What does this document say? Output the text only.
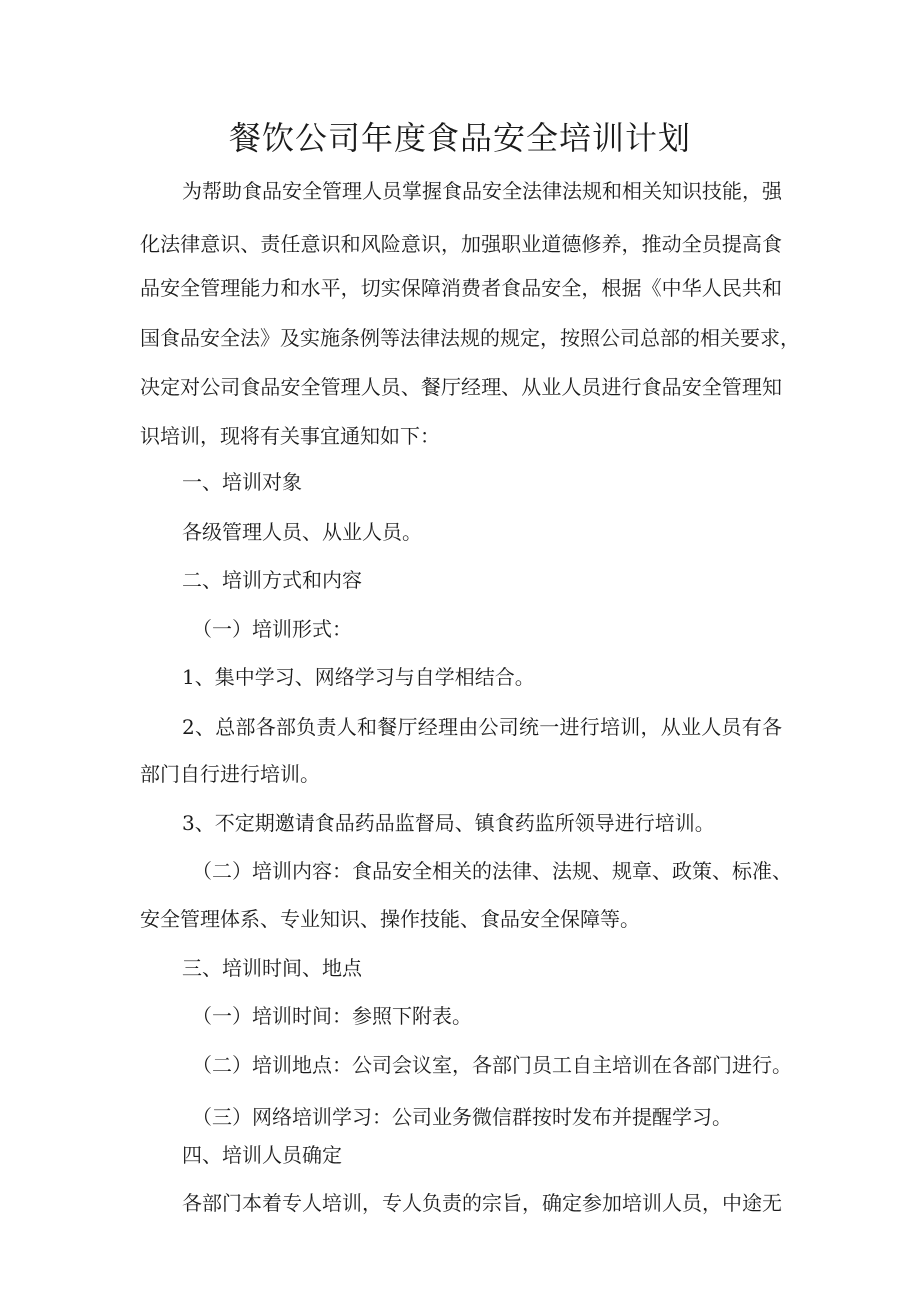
餐饮公司年度食品安全培训计划

为帮助食品安全管理人员掌握食品安全法律法规和相关知识技能，强

化法律意识、责任意识和风险意识，加强职业道德修养，推动全员提高食

品安全管理能力和水平，切实保障消费者食品安全，根据《中华人民共和

国食品安全法》及实施条例等法律法规的规定，按照公司总部的相关要求，

决定对公司食品安全管理人员、餐厅经理、从业人员进行食品安全管理知

识培训，现将有关事宜通知如下：

一、培训对象

各级管理人员、从业人员。

二、培训方式和内容

（一）培训形式：

1、集中学习、网络学习与自学相结合。

2、总部各部负责人和餐厅经理由公司统一进行培训，从业人员有各

部门自行进行培训。

3、不定期邀请食品药品监督局、镇食药监所领导进行培训。

（二）培训内容：食品安全相关的法律、法规、规章、政策、标准、

安全管理体系、专业知识、操作技能、食品安全保障等。

三、培训时间、地点

（一）培训时间：参照下附表。

（二）培训地点：公司会议室，各部门员工自主培训在各部门进行。

（三）网络培训学习：公司业务微信群按时发布并提醒学习。

四、培训人员确定

各部门本着专人培训，专人负责的宗旨，确定参加培训人员，中途无
